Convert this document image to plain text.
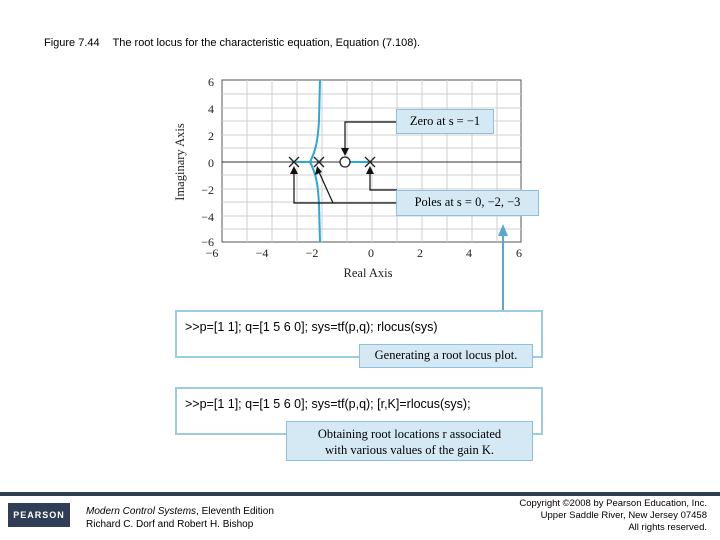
Figure 7.44 The root locus for the characteristic equation, Equation (7.108).
−6	−4	−2	0	2	4	6
6
4
2
0
−2
−4
−6
Real Axis
Imaginary Axis
Zero at s = −1
Poles at s = 0, −2, −3
>>p=[1 1]; q=[1 5 6 0]; sys=tf(p,q); rlocus(sys)
Generating a root locus plot.
>>p=[1 1]; q=[1 5 6 0]; sys=tf(p,q); [r,K]=rlocus(sys);
Obtaining root locations r associated
with various values of the gain K.
PEARSON	Modern Control Systems, Eleventh Edition
Richard C. Dorf and Robert H. Bishop
Copyright ©2008 by Pearson Education, Inc.
Upper Saddle River, New Jersey 07458
All rights reserved.
